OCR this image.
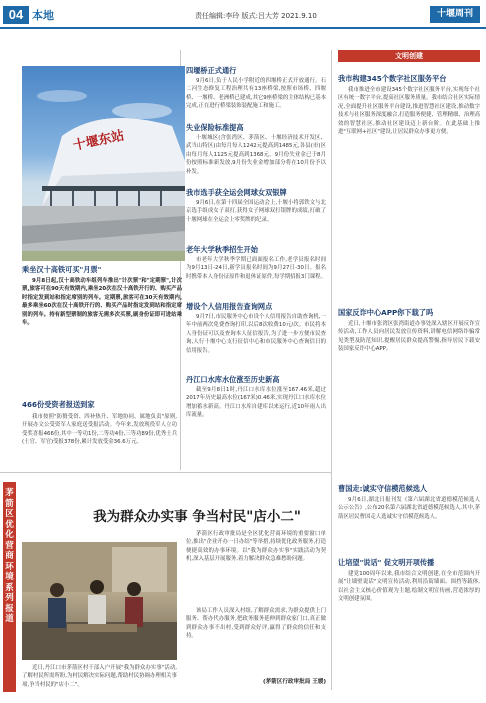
04 本地	责任编辑:李玲 版式:吕大芳 2021.9.10	十堰周刊
十堰东站
乘坐汉十高铁可买"月票"
9月8日起,汉十高铁动车组列车推出"计次票"和"定期票",计次票,旅客可在90天有效期内,乘坐20次在汉十高铁开行的、购买产品时指定发到站和指定席别的列车。定期票,旅客可在30天有效期内,最多乘坐60次在汉十高铁开行的、购买产品时指定发到站和指定席别的列车。持有新型票制的旅客无需多次买票,刷身份证即可进站乘车。
466份受资者报送到家
我市按照"防赘受资、四补热升、军地协同、属地负责"原则,开展办文公受资军人家庭送受报活动。今年来,发放现役军人立功受奖喜报466份,其中一等功1份,二等功4份,三等功89份,优秀士兵(士官、军官)受报378份,累计发放受金36.6万元。
四堰桥正式通行
9月6日,负于人民小学附近的四堰桥正式开放通行。石二河生态修复工程治理共有13座桥梁,按照市场桥、四堰桥、一堰桥、老洲桥已建成,其它9座桥梁的主体结构已基本完成,正在进行桥梁装饰装配施工和施工。
失业保险标准提高
十堰城区(含张湾区、茅箭区、十堰经济技术开发区、武当山特区)由每月每人1242元提高到1485元,各县(市)区由每月每人1125元提高到1368元。9月份失业金已于8月份按照标准新发放,9月份失业金增加部分将在10月份予以补发。
我市选手获全运会网球女双银牌
9月6日,在第十四届全国运动会上,十堰小将郭铁文与北京选手组成女子双打,获得女子网球双打银牌的成绩,打破了十堰网球在全运会上零奖牌的纪录。
老年大学秋季招生开始
市老年大学秋季学期已面面报名工作,老学员报名时间为9月13日-24日,新学员报名时间为9月27日-30日。报名时携带本人身份证原件和退休证原件,每学期招报3门课程。
增设个人信用报告查询网点
9月7日,市民服务中心市设个人信用报告自助查询机,一年中前两次免费查询打印,以后8次收费10元/次。市民将本人身份证可以及查询本人征信报告,为了进一步方便市民查询,人行十堰中心支行征信中心和市民服务中心查询信日的信用报告。
丹江口水库水位涨至历史新高
截至9月8日1时,丹江口水库水位涨至167.46米,超过2017年历史最高水位(167米)0.46米,实现丹江口水库水位增加蓄水新高。丹江口水库自建库以来运行,近10年雨人出库流量。
文明创建
我市构建345个数字社区服务平台
我市推进全市建设345个数字社区服务平台,实现每个社区有统一数字平台,提高社区服务质量。我市结合社区实际情况,全面提升社区服务平台建设,推进智慧社区建设,推动数字技术与社区服务深度融合,打造服务便捷、管理精细、治理高效的智慧社区,推动社区建设迈上新台阶。在此基础上推进"互联网+社区"建设,让居民群众办事更方便。
国家反诈中心APP你下载了吗
近日,十堰市张湾区张湾街道办事处深入辖区开展反诈宣传活动,工作人员向居民发放宣传资料,讲解电信网络诈骗常见类型及防范知识,提醒居民群众提高警惕,指导居民下载安装国家反诈中心APP。
曹国走:诚实守信模范候选人
9月6日,湖北日报刊发《第六届湖北省道德模范候选人公示公告》,公布20名第六届湖北省道德模范候选人,其中,茅箭区居民曹国走人选诚实守信模范候选人。
让培望"说话" 促文明开项传播
建党100周年以来,我市结合文明创建,在全市范围内开展"让墙壁说话"文明宣传活动,利用沿街墙面、围挡等载体,以社会主义核心价值观为主题,绘制文明宣传画,营造浓厚的文明创建氛围。
茅箭区优化营商环境系列报道
我为群众办实事 争当村民"店小二"
近日,丹江口市茅箭区村干部入户开展"我为群众办实事"活动,了解村民所需所盼,为村民解决实际问题,帮助村民协调办理相关事项,争当村民的"店小二"。
茅箭区行政审批局是全区优化营商环境的重要窗口单位,推出"企业开办一日办结"等举措,持续优化政务服务,打造便捷高效的办事环境。以"我为群众办实事"实践活动为契机,深入基层开展服务,着力解决群众急难愁盼问题。
该局工作人员深入村组,了解群众需求,为群众提供上门服务、帮办代办服务,把政务服务延伸到群众家门口,真正做到群众办事不出村,受到群众好评,赢得了群众的信任和支持。
(茅箭区行政审批局 王媛)
